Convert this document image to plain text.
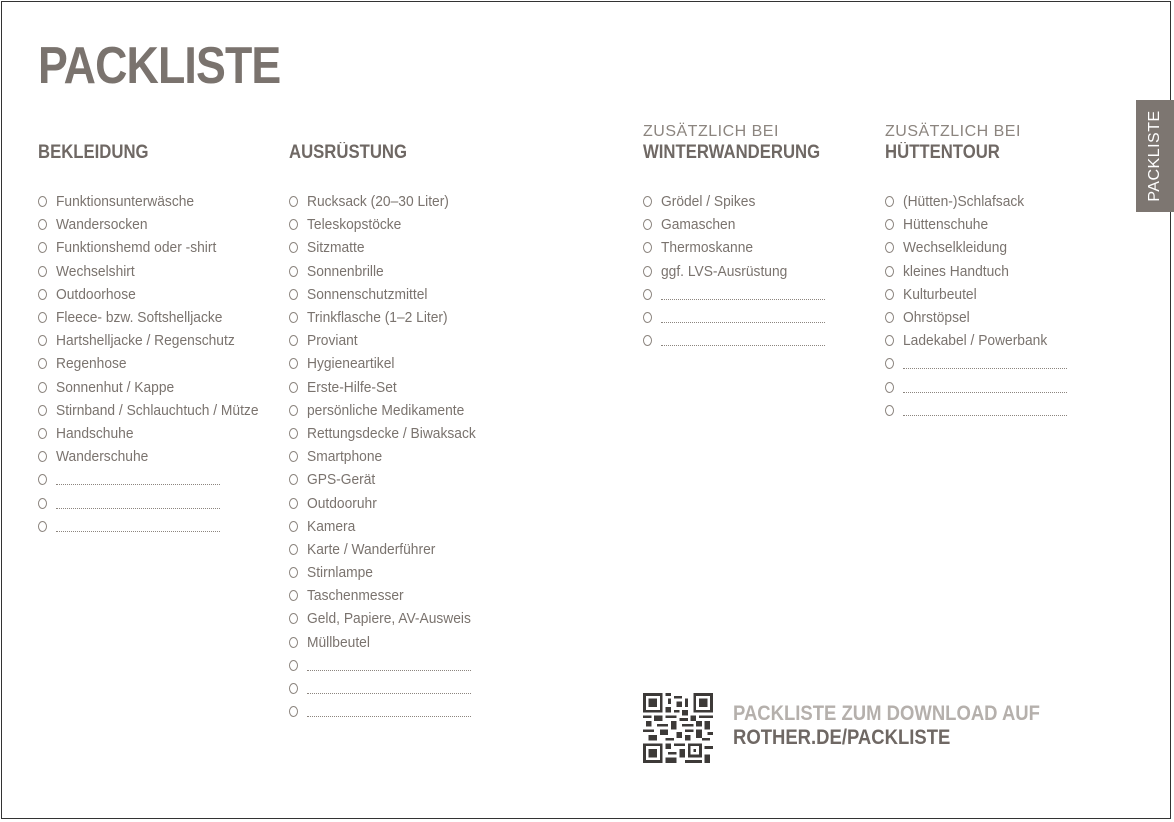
PACKLISTE
PACKLISTE
BEKLEIDUNG
Funktionsunterwäsche
Wandersocken
Funktionshemd oder -shirt
Wechselshirt
Outdoorhose
Fleece- bzw. Softshelljacke
Hartshelljacke / Regenschutz
Regenhose
Sonnenhut / Kappe
Stirnband / Schlauchtuch / Mütze
Handschuhe
Wanderschuhe
AUSRÜSTUNG
Rucksack (20–30 Liter)
Teleskopstöcke
Sitzmatte
Sonnenbrille
Sonnenschutzmittel
Trinkflasche (1–2 Liter)
Proviant
Hygieneartikel
Erste-Hilfe-Set
persönliche Medikamente
Rettungsdecke / Biwaksack
Smartphone
GPS-Gerät
Outdooruhr
Kamera
Karte / Wanderführer
Stirnlampe
Taschenmesser
Geld, Papiere, AV-Ausweis
Müllbeutel
ZUSÄTZLICH BEI
WINTERWANDERUNG
Grödel / Spikes
Gamaschen
Thermoskanne
ggf. LVS-Ausrüstung
ZUSÄTZLICH BEI
HÜTTENTOUR
(Hütten-)Schlafsack
Hüttenschuhe
Wechselkleidung
kleines Handtuch
Kulturbeutel
Ohrstöpsel
Ladekabel / Powerbank
PACKLISTE ZUM DOWNLOAD AUF
ROTHER.DE/PACKLISTE
